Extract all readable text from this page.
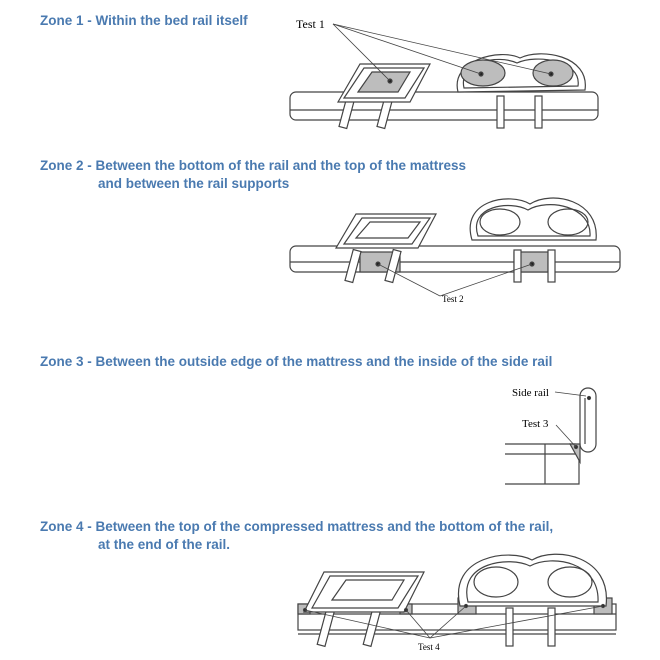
Zone 1 - Within the bed rail itself
Zone 2 - Between the bottom of the rail and the top of the mattress
and between the rail supports
Zone 3 - Between the outside edge of the mattress and the inside of the side rail
Zone 4 - Between the top of the compressed mattress and the bottom of the rail,
at the end of the rail.
Test 1
Test 2
Side rail
Test 3
Test 4
